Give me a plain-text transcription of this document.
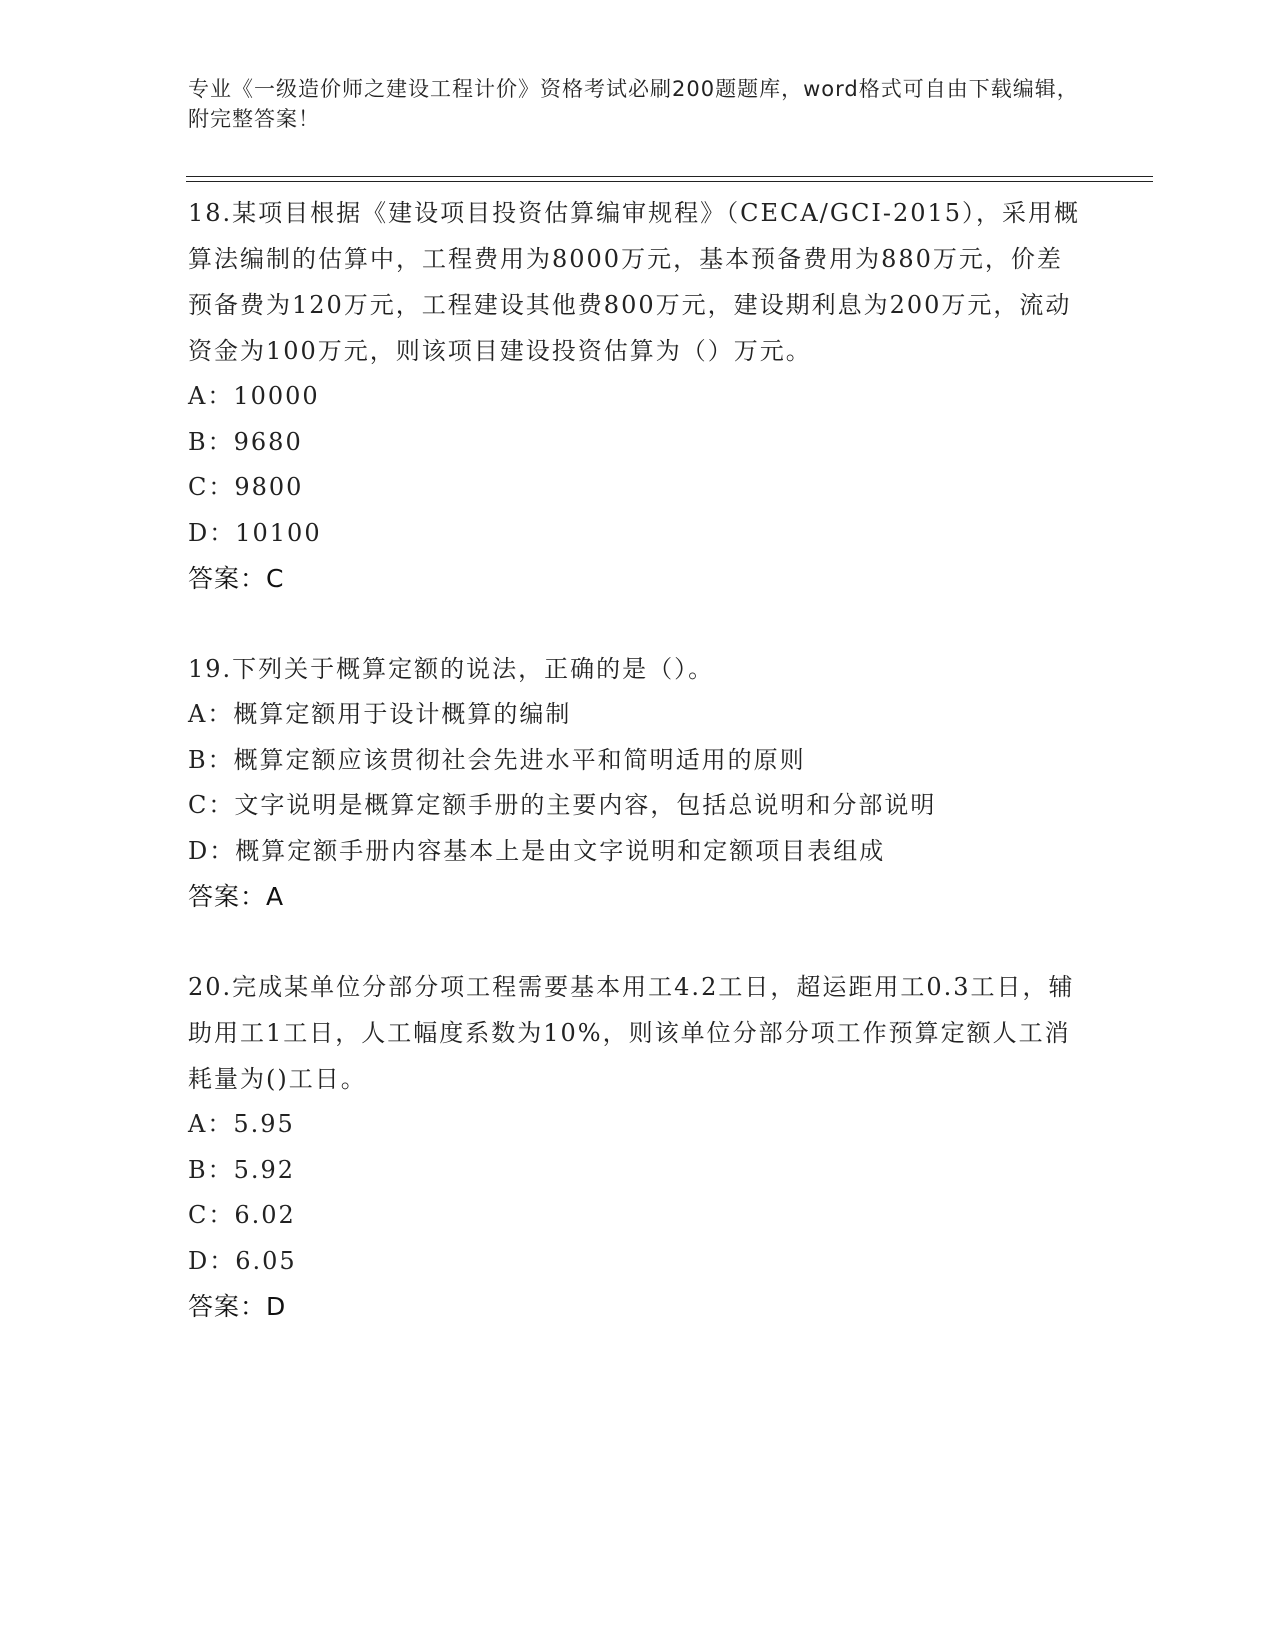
专业《一级造价师之建设工程计价》资格考试必刷200题题库，word格式可自由下载编辑，附完整答案！

18.某项目根据《建设项目投资估算编审规程》（CECA/GCI-2015），采用概算法编制的估算中，工程费用为8000万元，基本预备费用为880万元，价差预备费为120万元，工程建设其他费800万元，建设期利息为200万元，流动资金为100万元，则该项目建设投资估算为（）万元。

A：10000
B：9680
C：9800
D：10100
答案：C

19.下列关于概算定额的说法，正确的是（）。

A：概算定额用于设计概算的编制
B：概算定额应该贯彻社会先进水平和简明适用的原则
C：文字说明是概算定额手册的主要内容，包括总说明和分部说明
D：概算定额手册内容基本上是由文字说明和定额项目表组成
答案：A

20.完成某单位分部分项工程需要基本用工4.2工日，超运距用工0.3工日，辅助用工1工日，人工幅度系数为10%，则该单位分部分项工作预算定额人工消耗量为()工日。

A：5.95
B：5.92
C：6.02
D：6.05
答案：D
